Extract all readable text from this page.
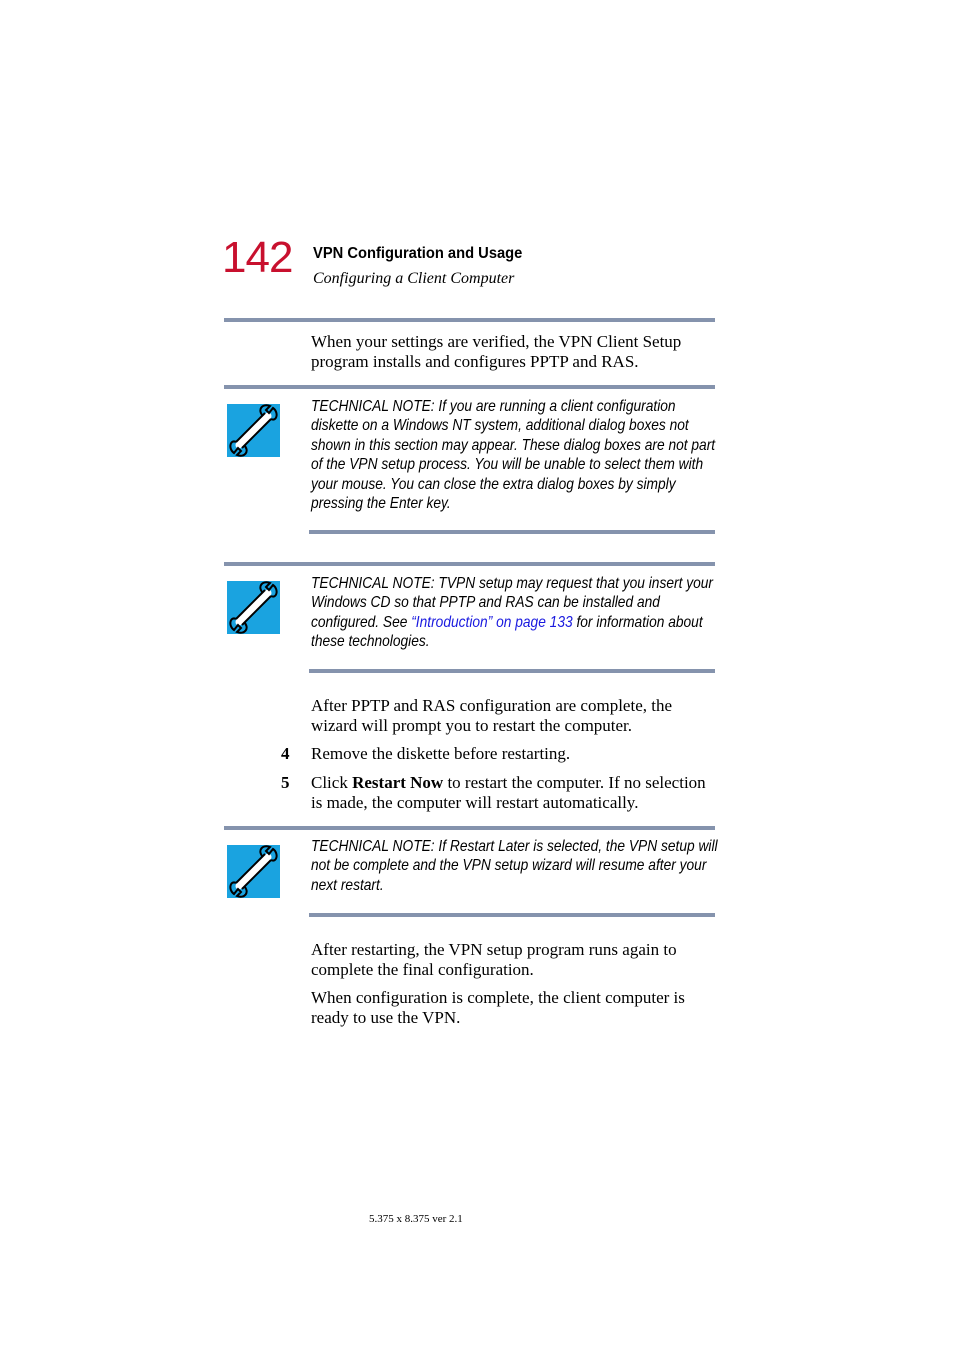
142 VPN Configuration and Usage
Configuring a Client Computer

When your settings are verified, the VPN Client Setup program installs and configures PPTP and RAS.

TECHNICAL NOTE: If you are running a client configuration diskette on a Windows NT system, additional dialog boxes not shown in this section may appear. These dialog boxes are not part of the VPN setup process. You will be unable to select them with your mouse. You can close the extra dialog boxes by simply pressing the Enter key.
TECHNICAL NOTE: TVPN setup may request that you insert your Windows CD so that PPTP and RAS can be installed and configured. See “Introduction” on page 133 for information about these technologies.

After PPTP and RAS configuration are complete, the wizard will prompt you to restart the computer.

4 Remove the diskette before restarting.

5 Click Restart Now to restart the computer. If no selection is made, the computer will restart automatically.

TECHNICAL NOTE: If Restart Later is selected, the VPN setup will not be complete and the VPN setup wizard will resume after your next restart.

After restarting, the VPN setup program runs again to complete the final configuration.

When configuration is complete, the client computer is ready to use the VPN.

5.375 x 8.375 ver 2.1
